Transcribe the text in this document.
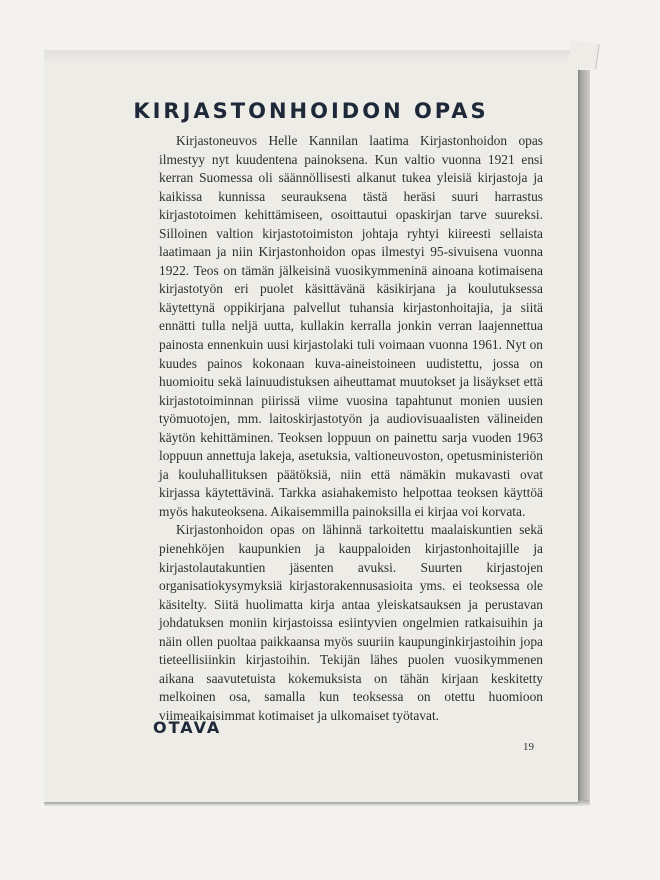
KIRJASTONHOIDON OPAS

Kirjastoneuvos Helle Kannilan laatima Kirjastonhoidon opas ilmestyy nyt kuudentena painoksena. Kun valtio vuonna 1921 ensi kerran Suomessa oli säännöllisesti alkanut tukea yleisiä kirjastoja ja kaikissa kunnissa seurauksena tästä heräsi suuri harrastus kirjastotoimen kehittämiseen, osoittautui opaskirjan tarve suureksi. Silloinen valtion kirjastotoimiston johtaja ryhtyi kiireesti sellaista laatimaan ja niin Kirjastonhoidon opas ilmestyi 95-sivuisena vuonna 1922. Teos on tämän jälkeisinä vuosikymmeninä ainoana kotimaisena kirjastotyön eri puolet käsittävänä käsikirjana ja koulutuksessa käytettynä oppikirjana palvellut tuhansia kirjastonhoitajia, ja siitä ennätti tulla neljä uutta, kullakin kerralla jonkin verran laajennettua painosta ennenkuin uusi kirjastolaki tuli voimaan vuonna 1961. Nyt on kuudes painos kokonaan kuva-aineistoineen uudistettu, jossa on huomioitu sekä lainuudistuksen aiheuttamat muutokset ja lisäykset että kirjastotoiminnan piirissä viime vuosina tapahtunut monien uusien työmuotojen, mm. laitoskirjastotyön ja audiovisuaalisten välineiden käytön kehittäminen. Teoksen loppuun on painettu sarja vuoden 1963 loppuun annettuja lakeja, asetuksia, valtioneuvoston, opetusministeriön ja kouluhallituksen päätöksiä, niin että nämäkin mukavasti ovat kirjassa käytettävinä. Tarkka asiahakemisto helpottaa teoksen käyttöä myös hakuteoksena. Aikaisemmilla painoksilla ei kirjaa voi korvata.

Kirjastonhoidon opas on lähinnä tarkoitettu maalaiskuntien sekä pienehköjen kaupunkien ja kauppaloiden kirjastonhoitajille ja kirjastolautakuntien jäsenten avuksi. Suurten kirjastojen organisatiokysymyksiä kirjastorakennusasioita yms. ei teoksessa ole käsitelty. Siitä huolimatta kirja antaa yleiskatsauksen ja perustavan johdatuksen moniin kirjastoissa esiintyvien ongelmien ratkaisuihin ja näin ollen puoltaa paikkaansa myös suuriin kaupunginkirjastoihin jopa tieteellisiinkin kirjastoihin. Tekijän lähes puolen vuosikymmenen aikana saavutetuista kokemuksista on tähän kirjaan keskitetty melkoinen osa, samalla kun teoksessa on otettu huomioon viimeaikaisimmat kotimaiset ja ulkomaiset työtavat.

OTAVA
19
